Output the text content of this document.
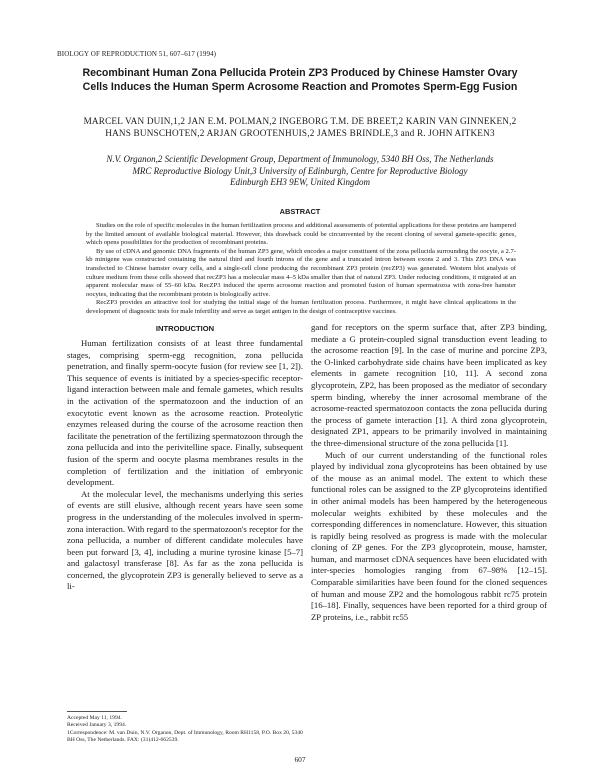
BIOLOGY OF REPRODUCTION 51, 607–617 (1994)
Recombinant Human Zona Pellucida Protein ZP3 Produced by Chinese Hamster Ovary
Cells Induces the Human Sperm Acrosome Reaction and Promotes Sperm-Egg Fusion
MARCEL VAN DUIN,1,2 JAN E.M. POLMAN,2 INGEBORG T.M. DE BREET,2 KARIN VAN GINNEKEN,2
HANS BUNSCHOTEN,2 ARJAN GROOTENHUIS,2 JAMES BRINDLE,3 and R. JOHN AITKEN3
N.V. Organon,2 Scientific Development Group, Department of Immunology, 5340 BH Oss, The Netherlands
MRC Reproductive Biology Unit,3 University of Edinburgh, Centre for Reproductive Biology
Edinburgh EH3 9EW, United Kingdom
ABSTRACT

Studies on the role of specific molecules in the human fertilization process and additional assessments of potential applications for these proteins are hampered by the limited amount of available biological material. However, this drawback could be circumvented by the recent cloning of several gamete-specific genes, which opens possibilities for the production of recombinant proteins.

By use of cDNA and genomic DNA fragments of the human ZP3 gene, which encodes a major constituent of the zona pellucida surrounding the oocyte, a 2.7-kb minigene was constructed containing the natural third and fourth introns of the gene and a truncated intron between exons 2 and 3. This ZP3 DNA was transfected to Chinese hamster ovary cells, and a single-cell clone producing the recombinant ZP3 protein (recZP3) was generated. Western blot analysis of culture medium from these cells showed that recZP3 has a molecular mass 4–5 kDa smaller than that of natural ZP3. Under reducing conditions, it migrated at an apparent molecular mass of 55–60 kDa. RecZP3 induced the sperm acrosome reaction and promoted fusion of human spermatozoa with zona-free hamster oocytes, indicating that the recombinant protein is biologically active.

RecZP3 provides an attractive tool for studying the initial stage of the human fertilization process. Furthermore, it might have clinical applications in the development of diagnostic tests for male infertility and serve as target antigen in the design of contraceptive vaccines.

INTRODUCTION

Human fertilization consists of at least three fundamental stages, comprising sperm-egg recognition, zona pellucida penetration, and finally sperm-oocyte fusion (for review see [1, 2]). This sequence of events is initiated by a species-specific receptor-ligand interaction between male and female gametes, which results in the activation of the spermatozoon and the induction of an exocytotic event known as the acrosome reaction. Proteolytic enzymes released during the course of the acrosome reaction then facilitate the penetration of the fertilizing spermatozoon through the zona pellucida and into the perivitelline space. Finally, subsequent fusion of the sperm and oocyte plasma membranes results in the completion of fertilization and the initiation of embryonic development.

At the molecular level, the mechanisms underlying this series of events are still elusive, although recent years have seen some progress in the understanding of the molecules involved in sperm-zona interaction. With regard to the spermatozoon's receptor for the zona pellucida, a number of different candidate molecules have been put forward [3, 4], including a murine tyrosine kinase [5–7] and galactosyl transferase [8]. As far as the zona pellucida is concerned, the glycoprotein ZP3 is generally believed to serve as a li-

gand for receptors on the sperm surface that, after ZP3 binding, mediate a G protein-coupled signal transduction event leading to the acrosome reaction [9]. In the case of murine and porcine ZP3, the O-linked carbohydrate side chains have been implicated as key elements in gamete recognition [10, 11]. A second zona glycoprotein, ZP2, has been proposed as the mediator of secondary sperm binding, whereby the inner acrosomal membrane of the acrosome-reacted spermatozoon contacts the zona pellucida during the process of gamete interaction [1]. A third zona glycoprotein, designated ZP1, appears to be primarily involved in maintaining the three-dimensional structure of the zona pellucida [1].

Much of our current understanding of the functional roles played by individual zona glycoproteins has been obtained by use of the mouse as an animal model. The extent to which these functional roles can be assigned to the ZP glycoproteins identified in other animal models has been hampered by the heterogeneous molecular weights exhibited by these molecules and the corresponding differences in nomenclature. However, this situation is rapidly being resolved as progress is made with the molecular cloning of ZP genes. For the ZP3 glycoprotein, mouse, hamster, human, and marmoset cDNA sequences have been elucidated with inter-species homologies ranging from 67–98% [12–15]. Comparable similarities have been found for the cloned sequences of human and mouse ZP2 and the homologous rabbit rc75 protein [16–18]. Finally, sequences have been reported for a third group of ZP proteins, i.e., rabbit rc55

Accepted May 11, 1994.

Received January 3, 1994.

1Correspondence: M. van Duin, N.V. Organon, Dept. of Immunology, Room RH1158, P.O. Box 20, 5340 BH Oss, The Netherlands. FAX: (31)412-662539.

607
